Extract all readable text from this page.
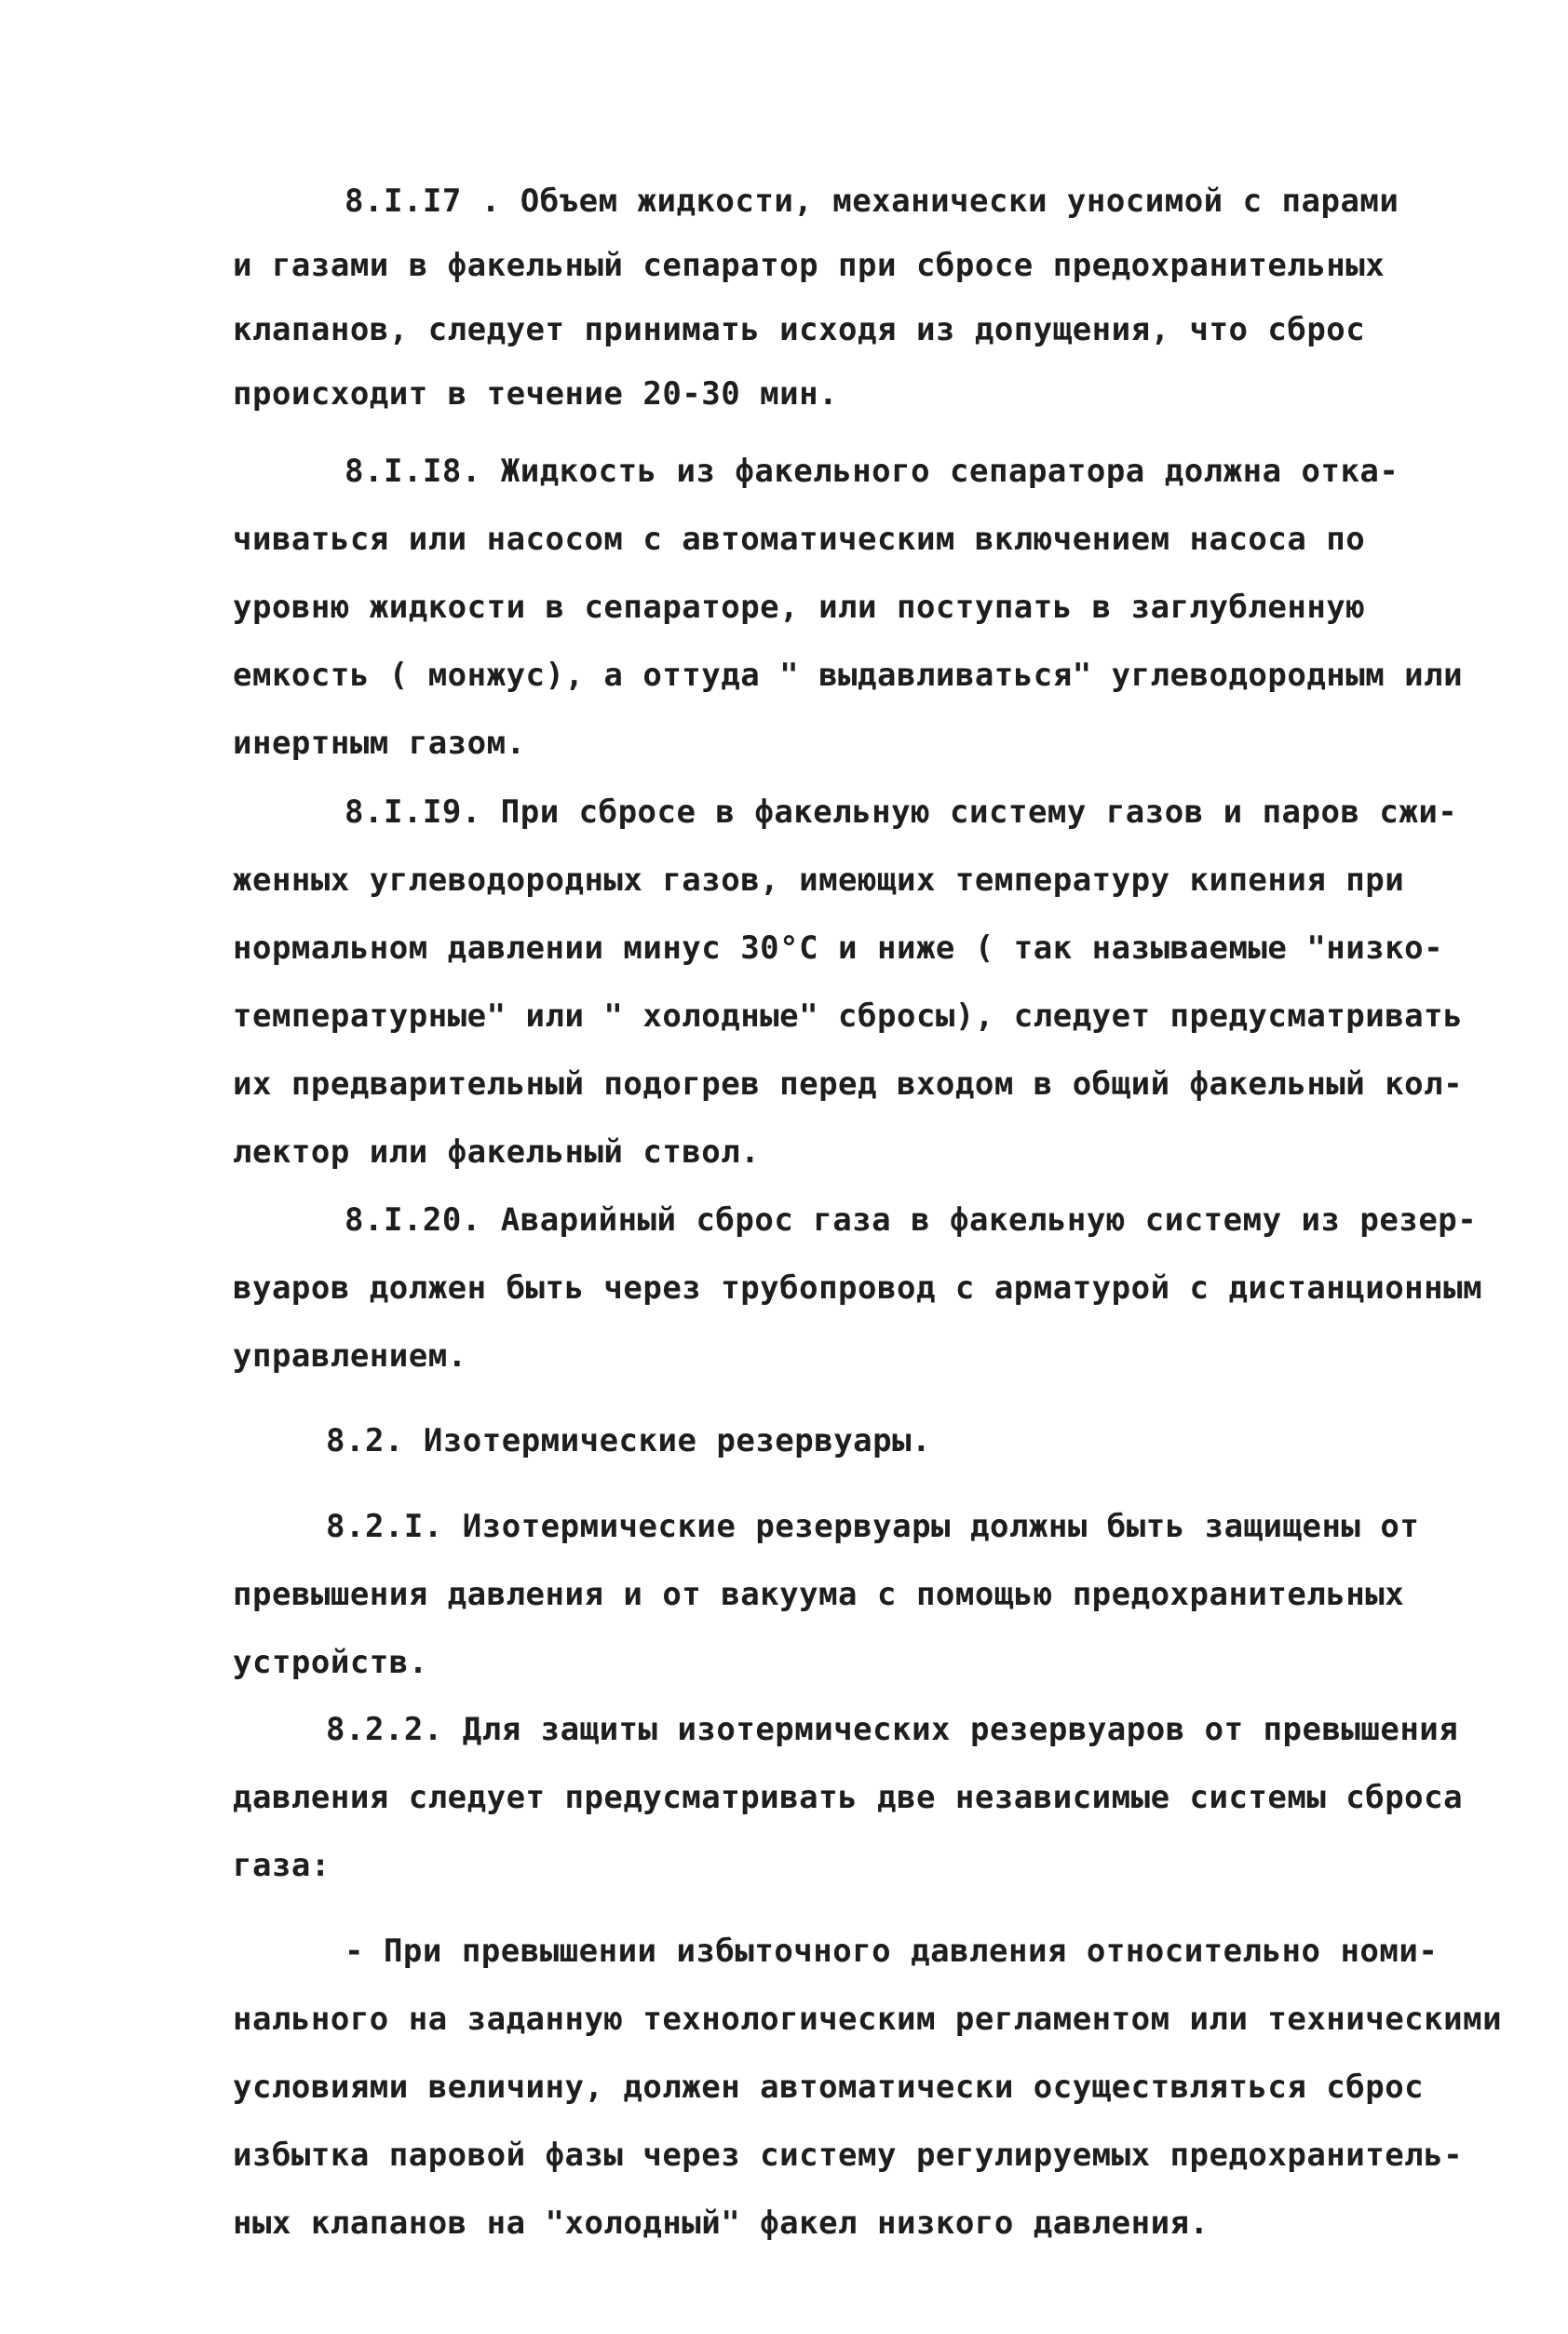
8.I.I7 . Объем жидкости, механически уносимой с парами
и газами в факельный сепаратор при сбросе предохранительных
клапанов, следует принимать исходя из допущения, что сброс
происходит в течение 20-30 мин.
8.I.I8. Жидкость из факельного сепаратора должна отка-
чиваться или насосом с автоматическим включением насоса по
уровню жидкости в сепараторе, или поступать в заглубленную
емкость ( монжус), а оттуда " выдавливаться" углеводородным или
инертным газом.
8.I.I9. При сбросе в факельную систему газов и паров сжи-
женных углеводородных газов, имеющих температуру кипения при
нормальном давлении минус 30°С и ниже ( так называемые "низко-
температурные" или " холодные" сбросы), следует предусматривать
их предварительный подогрев перед входом в общий факельный кол-
лектор или факельный ствол.
8.I.20. Аварийный сброс газа в факельную систему из резер-
вуаров должен быть через трубопровод с арматурой с дистанционным
управлением.
8.2. Изотермические резервуары.
8.2.I. Изотермические резервуары должны быть защищены от
превышения давления и от вакуума с помощью предохранительных
устройств.
8.2.2. Для защиты изотермических резервуаров от превышения
давления следует предусматривать две независимые системы сброса
газа:
- При превышении избыточного давления относительно номи-
нального на заданную технологическим регламентом или техническими
условиями величину, должен автоматически осуществляться сброс
избытка паровой фазы через систему регулируемых предохранитель-
ных клапанов на "холодный" факел низкого давления.
